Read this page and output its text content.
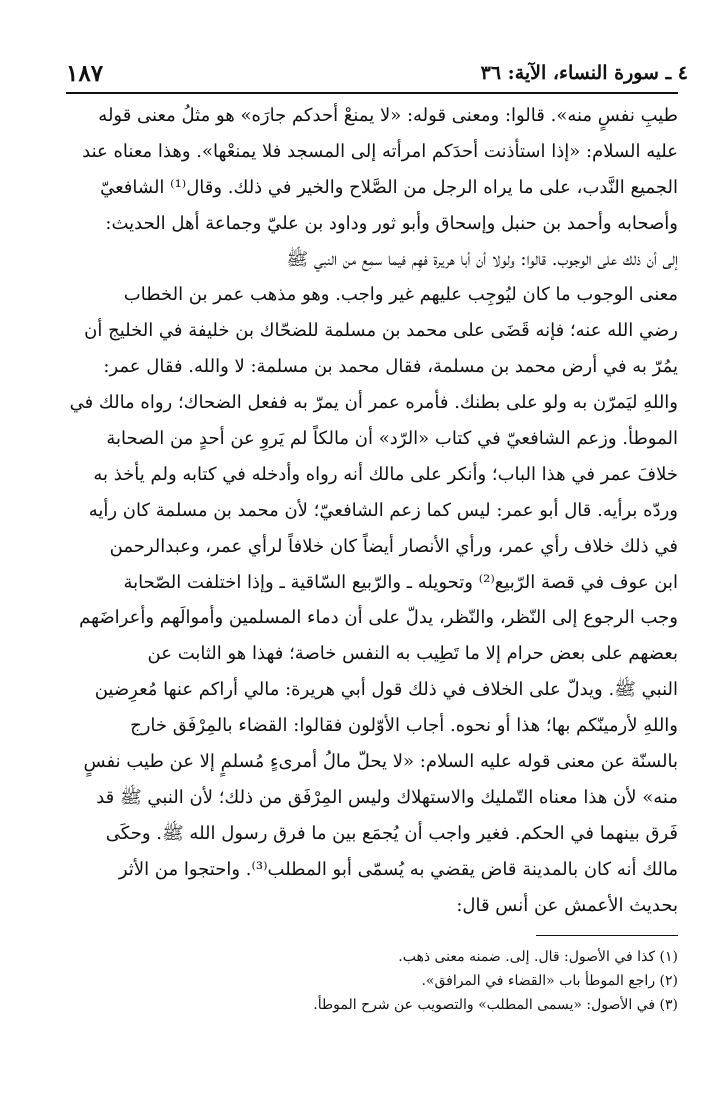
٤ ـ سورة النساء، الآية: ٣٦
١٨٧
طيبِ نفسٍ منه». قالوا: ومعنى قوله: «لا يمنعْ أحدكم جارَه» هو مثلُ معنى قوله
عليه السلام: «إذا استأذنت أحدَكم امرأته إلى المسجد فلا يمنعْها». وهذا معناه عند
الجميع النَّدب، على ما يراه الرجل من الصَّلاح والخير في ذلك. وقال⁽¹⁾ الشافعيّ
وأصحابه وأحمد بن حنبل وإسحاق وأبو ثور وداود بن عليّ وجماعة أهل الحديث:
إلى أن ذلك على الوجوب. قالوا: ولولا أن أبا هريرة فهِم فيما سمِع من النبي ﷺ
معنى الوجوب ما كان ليُوجِب عليهم غير واجب. وهو مذهب عمر بن الخطاب
رضي الله عنه؛ فإنه قَضَى على محمد بن مسلمة للضحّاك بن خليفة في الخليج أن
يمُرّ به في أرض محمد بن مسلمة، فقال محمد بن مسلمة: لا والله. فقال عمر:
واللهِ ليَمرّن به ولو على بطنك. فأمره عمر أن يمرّ به ففعل الضحاك؛ رواه مالك في
الموطأ. وزعم الشافعيّ في كتاب «الرّد» أن مالكاً لم يَروِ عن أحدٍ من الصحابة
خلافَ عمر في هذا الباب؛ وأنكر على مالك أنه رواه وأدخله في كتابه ولم يأخذ به
وردّه برأيه. قال أبو عمر: ليس كما زعم الشافعيّ؛ لأن محمد بن مسلمة كان رأيه
في ذلك خلاف رأي عمر، ورأي الأنصار أيضاً كان خلافاً لرأي عمر، وعبدالرحمن
ابن عوف في قصة الرّبيع⁽²⁾ وتحويله ـ والرّبيع السّاقية ـ وإذا اختلفت الصّحابة
وجب الرجوع إلى النّظر، والنّظر، يدلّ على أن دماء المسلمين وأموالَهم وأعراضَهم
بعضهم على بعض حرام إلا ما تَطِيب به النفس خاصة؛ فهذا هو الثابت عن
النبي ﷺ. ويدلّ على الخلاف في ذلك قول أبي هريرة: مالي أراكم عنها مُعرِضين
واللهِ لأرمينّكم بها؛ هذا أو نحوه. أجاب الأوّلون فقالوا: القضاء بالمِرْفَق خارج
بالسنّة عن معنى قوله عليه السلام: «لا يحلّ مالُ أمرىءٍ مُسلمٍ إلا عن طيب نفسٍ
منه» لأن هذا معناه التّمليك والاستهلاك وليس المِرْفَق من ذلك؛ لأن النبي ﷺ قد
فَرق بينهما في الحكم. فغير واجب أن يُجمَع بين ما فرق رسول الله ﷺ. وحكَى
مالك أنه كان بالمدينة قاض يقضي به يُسمّى أبو المطلب⁽³⁾. واحتجوا من الأثر
بحديث الأعمش عن أنس قال:
(١) كذا في الأصول: قال. إلى. ضمنه معنى ذهب.
(٢) راجع الموطأ باب «القضاء في المرافق».
(٣) في الأصول: «يسمى المطلب» والتصويب عن شرح الموطأ.
